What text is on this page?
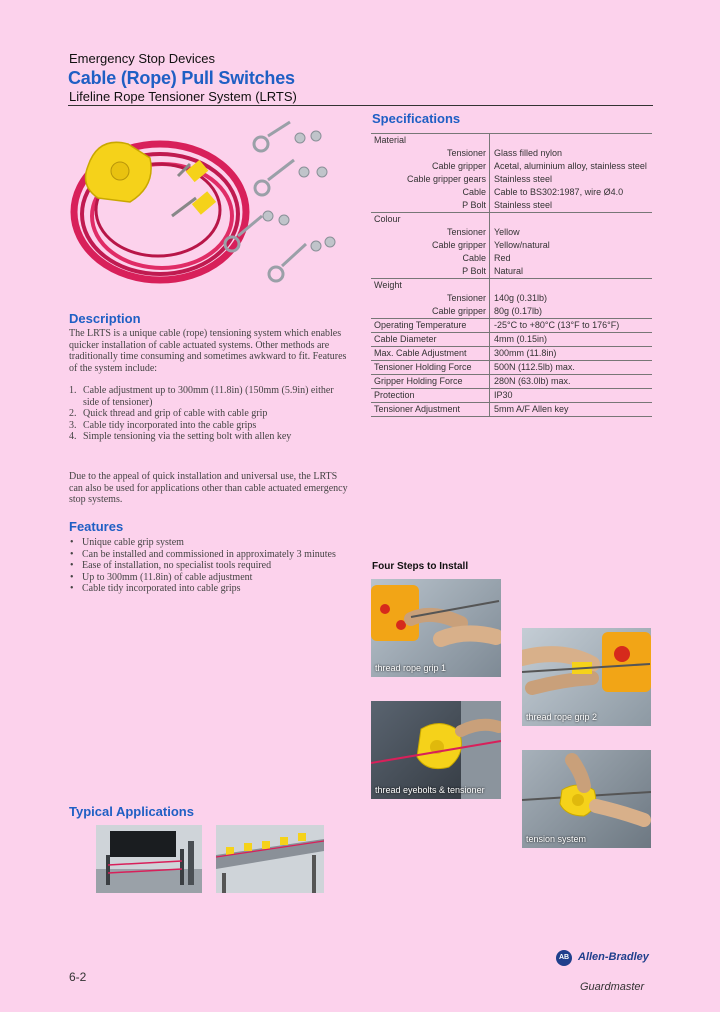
Emergency Stop Devices
Cable (Rope) Pull Switches
Lifeline Rope Tensioner System (LRTS)
Description
The LRTS is a unique cable (rope) tensioning system which enables quicker installation of cable actuated systems. Other methods are traditionally time consuming and sometimes awkward to fit. Features of the system include:
1. Cable adjustment up to 300mm (11.8in) (150mm (5.9in) either side of tensioner)
2. Quick thread and grip of cable with cable grip
3. Cable tidy incorporated into the cable grips
4. Simple tensioning via the setting bolt with allen key
Due to the appeal of quick installation and universal use, the LRTS can also be used for applications other than cable actuated emergency stop systems.
Features
• Unique cable grip system
• Can be installed and commissioned in approximately 3 minutes
• Ease of installation, no specialist tools required
• Up to 300mm (11.8in) of cable adjustment
• Cable tidy incorporated into cable grips
Specifications
Material	
Tensioner	Glass filled nylon
Cable gripper	Acetal, aluminium alloy, stainless steel
Cable gripper gears	Stainless steel
Cable	Cable to BS302:1987, wire Ø4.0
P Bolt	Stainless steel
Colour	
Tensioner	Yellow
Cable gripper	Yellow/natural
Cable	Red
P Bolt	Natural
Weight	
Tensioner	140g (0.31lb)
Cable gripper	80g (0.17lb)
Operating Temperature	-25°C to +80°C (13°F to 176°F)
Cable Diameter	4mm (0.15in)
Max. Cable Adjustment	300mm (11.8in)
Tensioner Holding Force	500N (112.5lb) max.
Gripper Holding Force	280N (63.0lb) max.
Protection	IP30
Tensioner Adjustment	5mm A/F Allen key
Four Steps to Install
thread rope grip 1
thread rope grip 2
thread eyebolts & tensioner
tension system
Typical Applications
6-2
AB Allen-Bradley
Guardmaster
